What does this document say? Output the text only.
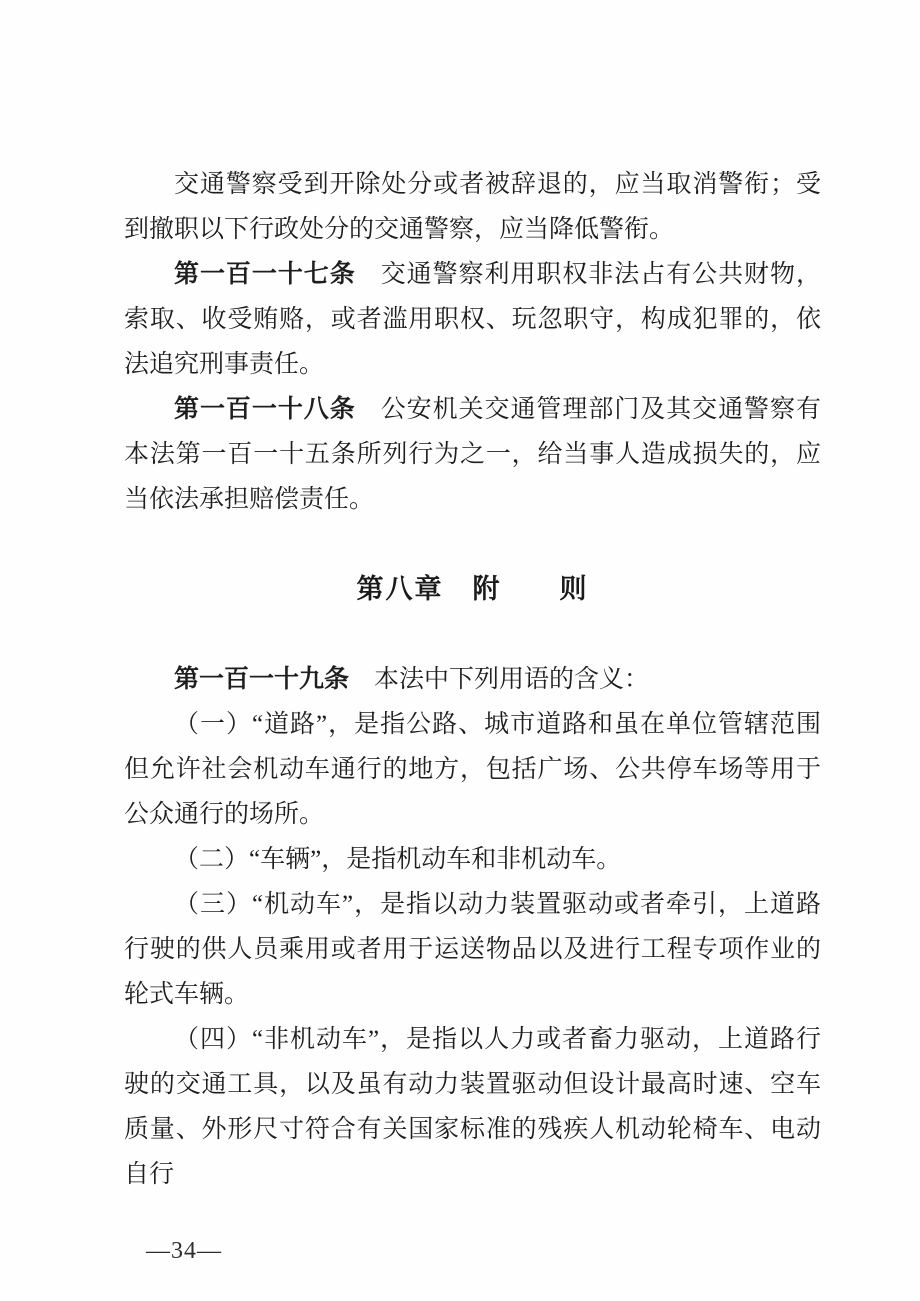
交通警察受到开除处分或者被辞退的，应当取消警衔；受到撤职以下行政处分的交通警察，应当降低警衔。

第一百一十七条 交通警察利用职权非法占有公共财物，索取、收受贿赂，或者滥用职权、玩忽职守，构成犯罪的，依法追究刑事责任。

第一百一十八条 公安机关交通管理部门及其交通警察有本法第一百一十五条所列行为之一，给当事人造成损失的，应当依法承担赔偿责任。

第八章　附　　则

第一百一十九条 本法中下列用语的含义：

（一）“道路”，是指公路、城市道路和虽在单位管辖范围但允许社会机动车通行的地方，包括广场、公共停车场等用于公众通行的场所。

（二）“车辆”，是指机动车和非机动车。

（三）“机动车”，是指以动力装置驱动或者牵引，上道路行驶的供人员乘用或者用于运送物品以及进行工程专项作业的轮式车辆。

（四）“非机动车”，是指以人力或者畜力驱动，上道路行驶的交通工具，以及虽有动力装置驱动但设计最高时速、空车质量、外形尺寸符合有关国家标准的残疾人机动轮椅车、电动自行

—34—
